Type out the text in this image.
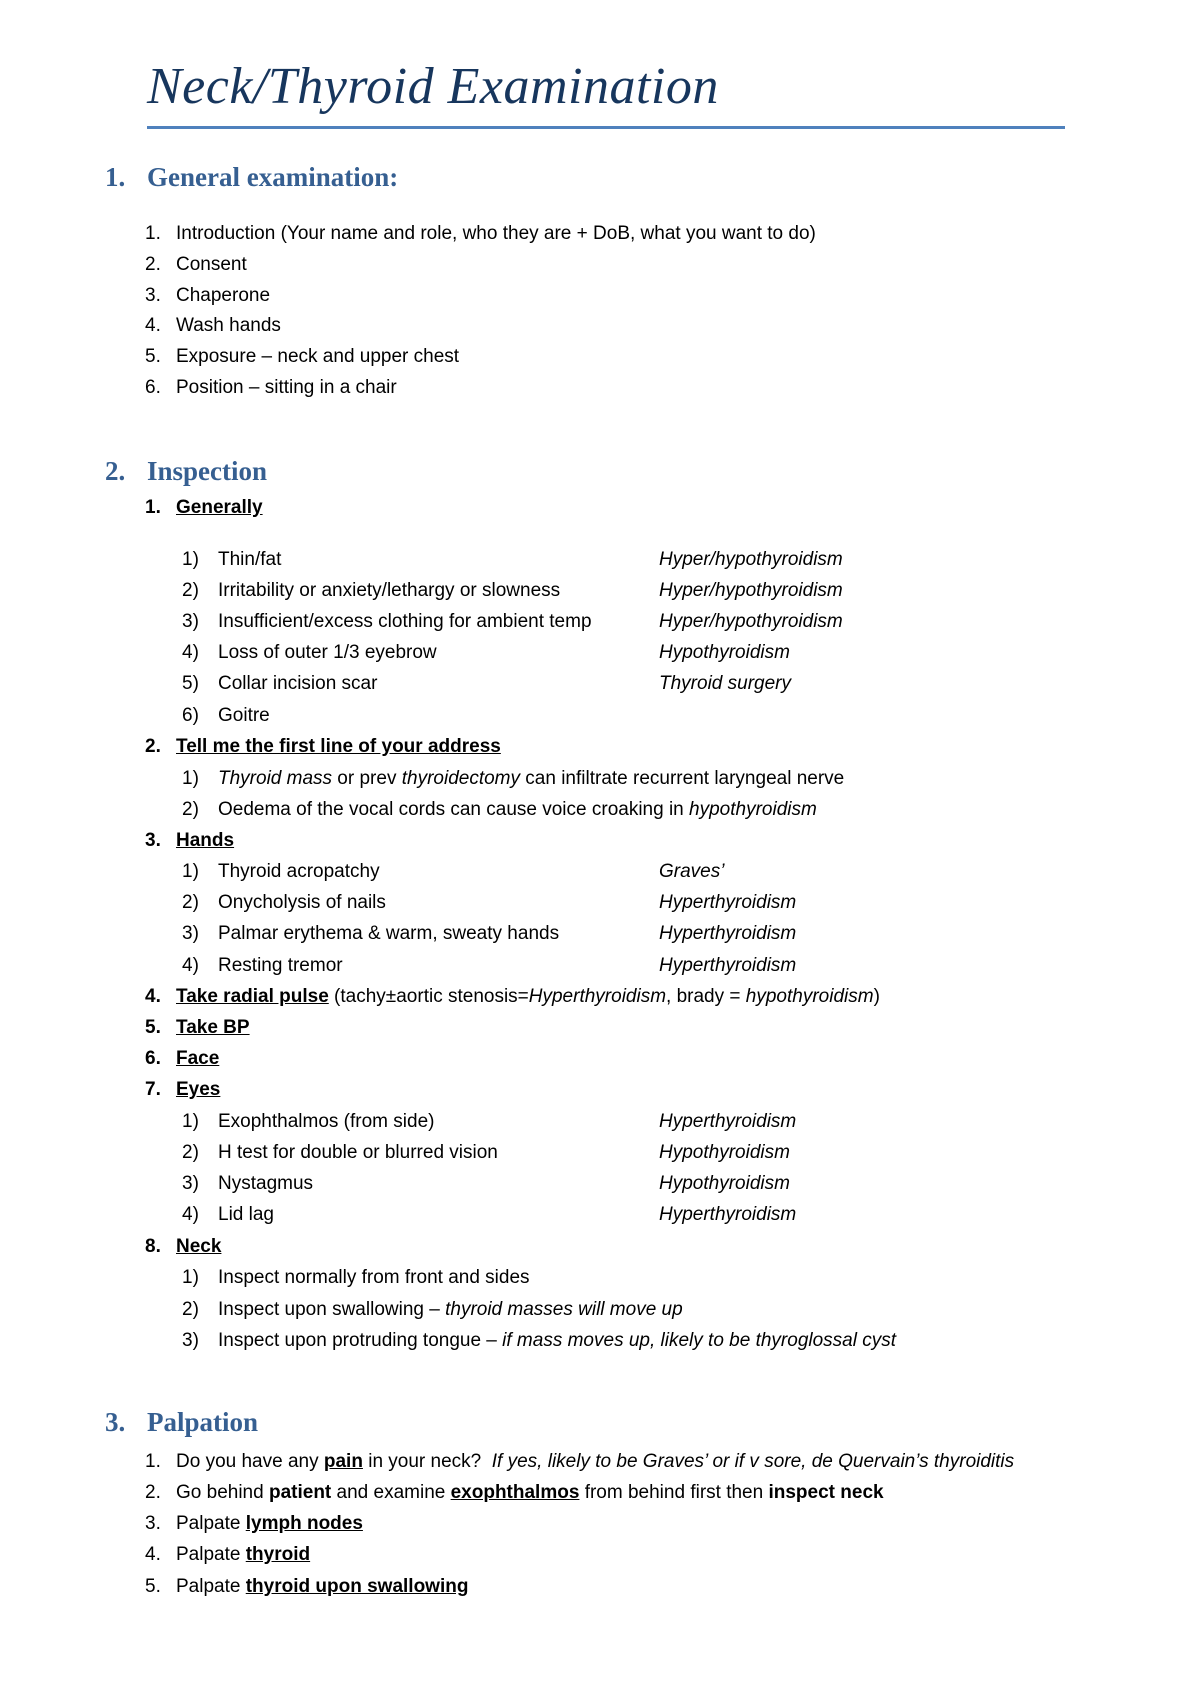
Neck/Thyroid Examination
1. General examination:
1. Introduction (Your name and role, who they are + DoB, what you want to do)
2. Consent
3. Chaperone
4. Wash hands
5. Exposure – neck and upper chest
6. Position – sitting in a chair
2. Inspection
1. Generally
1) Thin/fat	Hyper/hypothyroidism
2) Irritability or anxiety/lethargy or slowness	Hyper/hypothyroidism
3) Insufficient/excess clothing for ambient temp	Hyper/hypothyroidism
4) Loss of outer 1/3 eyebrow	Hypothyroidism
5) Collar incision scar	Thyroid surgery
6) Goitre
2. Tell me the first line of your address
1) Thyroid mass or prev thyroidectomy can infiltrate recurrent laryngeal nerve
2) Oedema of the vocal cords can cause voice croaking in hypothyroidism
3. Hands
1) Thyroid acropatchy	Graves’
2) Onycholysis of nails	Hyperthyroidism
3) Palmar erythema & warm, sweaty hands	Hyperthyroidism
4) Resting tremor	Hyperthyroidism
4. Take radial pulse (tachy±aortic stenosis=Hyperthyroidism, brady = hypothyroidism)
5. Take BP
6. Face
7. Eyes
1) Exophthalmos (from side)	Hyperthyroidism
2) H test for double or blurred vision	Hypothyroidism
3) Nystagmus	Hypothyroidism
4) Lid lag	Hyperthyroidism
8. Neck
1) Inspect normally from front and sides
2) Inspect upon swallowing – thyroid masses will move up
3) Inspect upon protruding tongue – if mass moves up, likely to be thyroglossal cyst
3. Palpation
1. Do you have any pain in your neck?  If yes, likely to be Graves’ or if v sore, de Quervain’s thyroiditis
2. Go behind patient and examine exophthalmos from behind first then inspect neck
3. Palpate lymph nodes
4. Palpate thyroid
5. Palpate thyroid upon swallowing
